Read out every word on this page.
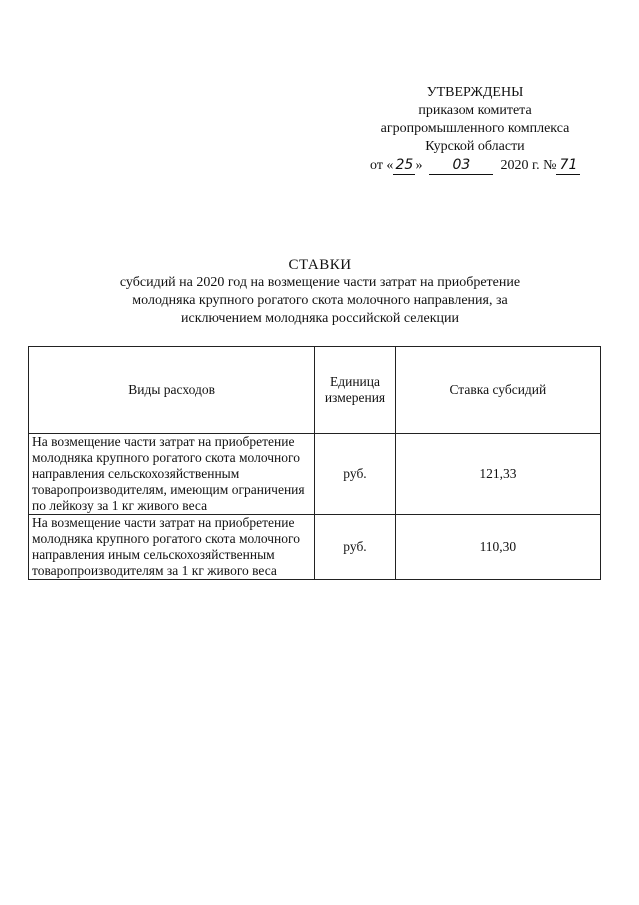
УТВЕРЖДЕНЫ
приказом комитета
агропромышленного комплекса
Курской области
от « 25 » 03 2020 г. № 71
СТАВКИ
субсидий на 2020 год на возмещение части затрат на приобретение
молодняка крупного рогатого скота молочного направления, за
исключением молодняка российской селекции
Виды расходов	Единица измерения	Ставка субсидий
На возмещение части затрат на приобретение молодняка крупного рогатого скота молочного направления сельскохозяйственным товаропроизводителям, имеющим ограничения по лейкозу за 1 кг живого веса	руб.	121,33
На возмещение части затрат на приобретение молодняка крупного рогатого скота молочного направления иным сельскохозяйственным товаропроизводителям за 1 кг живого веса	руб.	110,30
